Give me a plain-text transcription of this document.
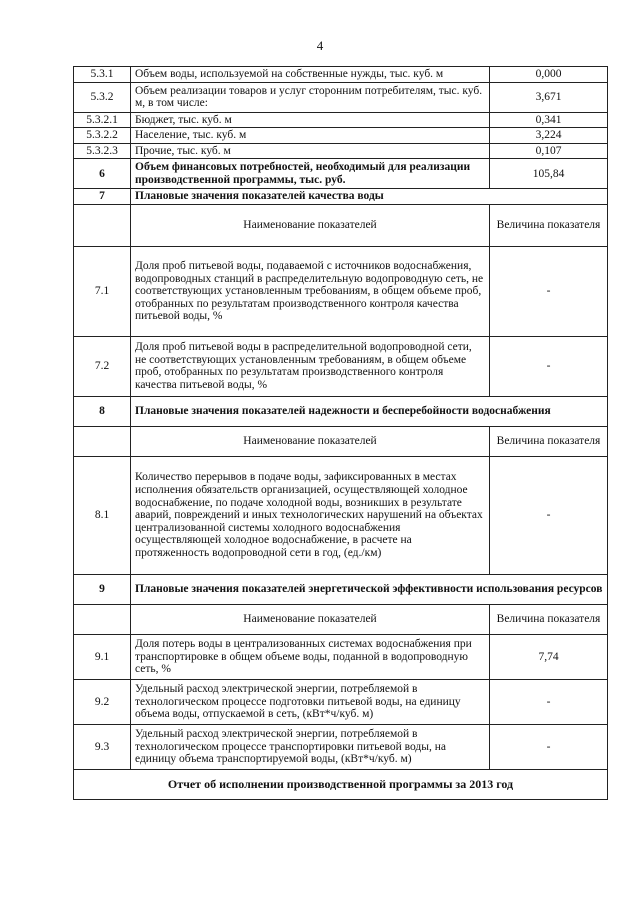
4
5.3.1	Объем воды, используемой на собственные нужды, тыс. куб. м	0,000
5.3.2	Объем реализации товаров и услуг сторонним потребителям, тыс. куб. м, в том числе:	3,671
5.3.2.1	Бюджет, тыс. куб. м	0,341
5.3.2.2	Население, тыс. куб. м	3,224
5.3.2.3	Прочие, тыс. куб. м	0,107
6	Объем финансовых потребностей, необходимый для реализации производственной программы, тыс. руб.	105,84
7	Плановые значения показателей качества воды	
	Наименование показателей	Величина показателя
7.1	Доля проб питьевой воды, подаваемой с источников водоснабжения, водопроводных станций в распределительную водопроводную сеть, не соответствующих установленным требованиям, в общем объеме проб, отобранных по результатам производственного контроля качества питьевой воды, %	-
7.2	Доля проб питьевой воды в распределительной водопроводной сети, не соответствующих установленным требованиям, в общем объеме проб, отобранных по результатам производственного контроля качества питьевой воды, %	-
8	Плановые значения показателей надежности и бесперебойности водоснабжения	
	Наименование показателей	Величина показателя
8.1	Количество перерывов в подаче воды, зафиксированных в местах исполнения обязательств организацией, осуществляющей холодное водоснабжение, по подаче холодной воды, возникших в результате аварий, повреждений и иных технологических нарушений на объектах централизованной системы холодного водоснабжения осуществляющей холодное водоснабжение, в расчете на протяженность водопроводной сети в год, (ед./км)	-
9	Плановые значения показателей энергетической эффективности использования ресурсов	
	Наименование показателей	Величина показателя
9.1	Доля потерь воды в централизованных системах водоснабжения при транспортировке в общем объеме воды, поданной в водопроводную сеть, %	7,74
9.2	Удельный расход электрической энергии, потребляемой в технологическом процессе подготовки питьевой воды, на единицу объема воды, отпускаемой в сеть, (кВт*ч/куб. м)	-
9.3	Удельный расход электрической энергии, потребляемой в технологическом процессе транспортировки питьевой воды, на единицу объема транспортируемой воды, (кВт*ч/куб. м)	-
Отчет об исполнении производственной программы за 2013 год		
